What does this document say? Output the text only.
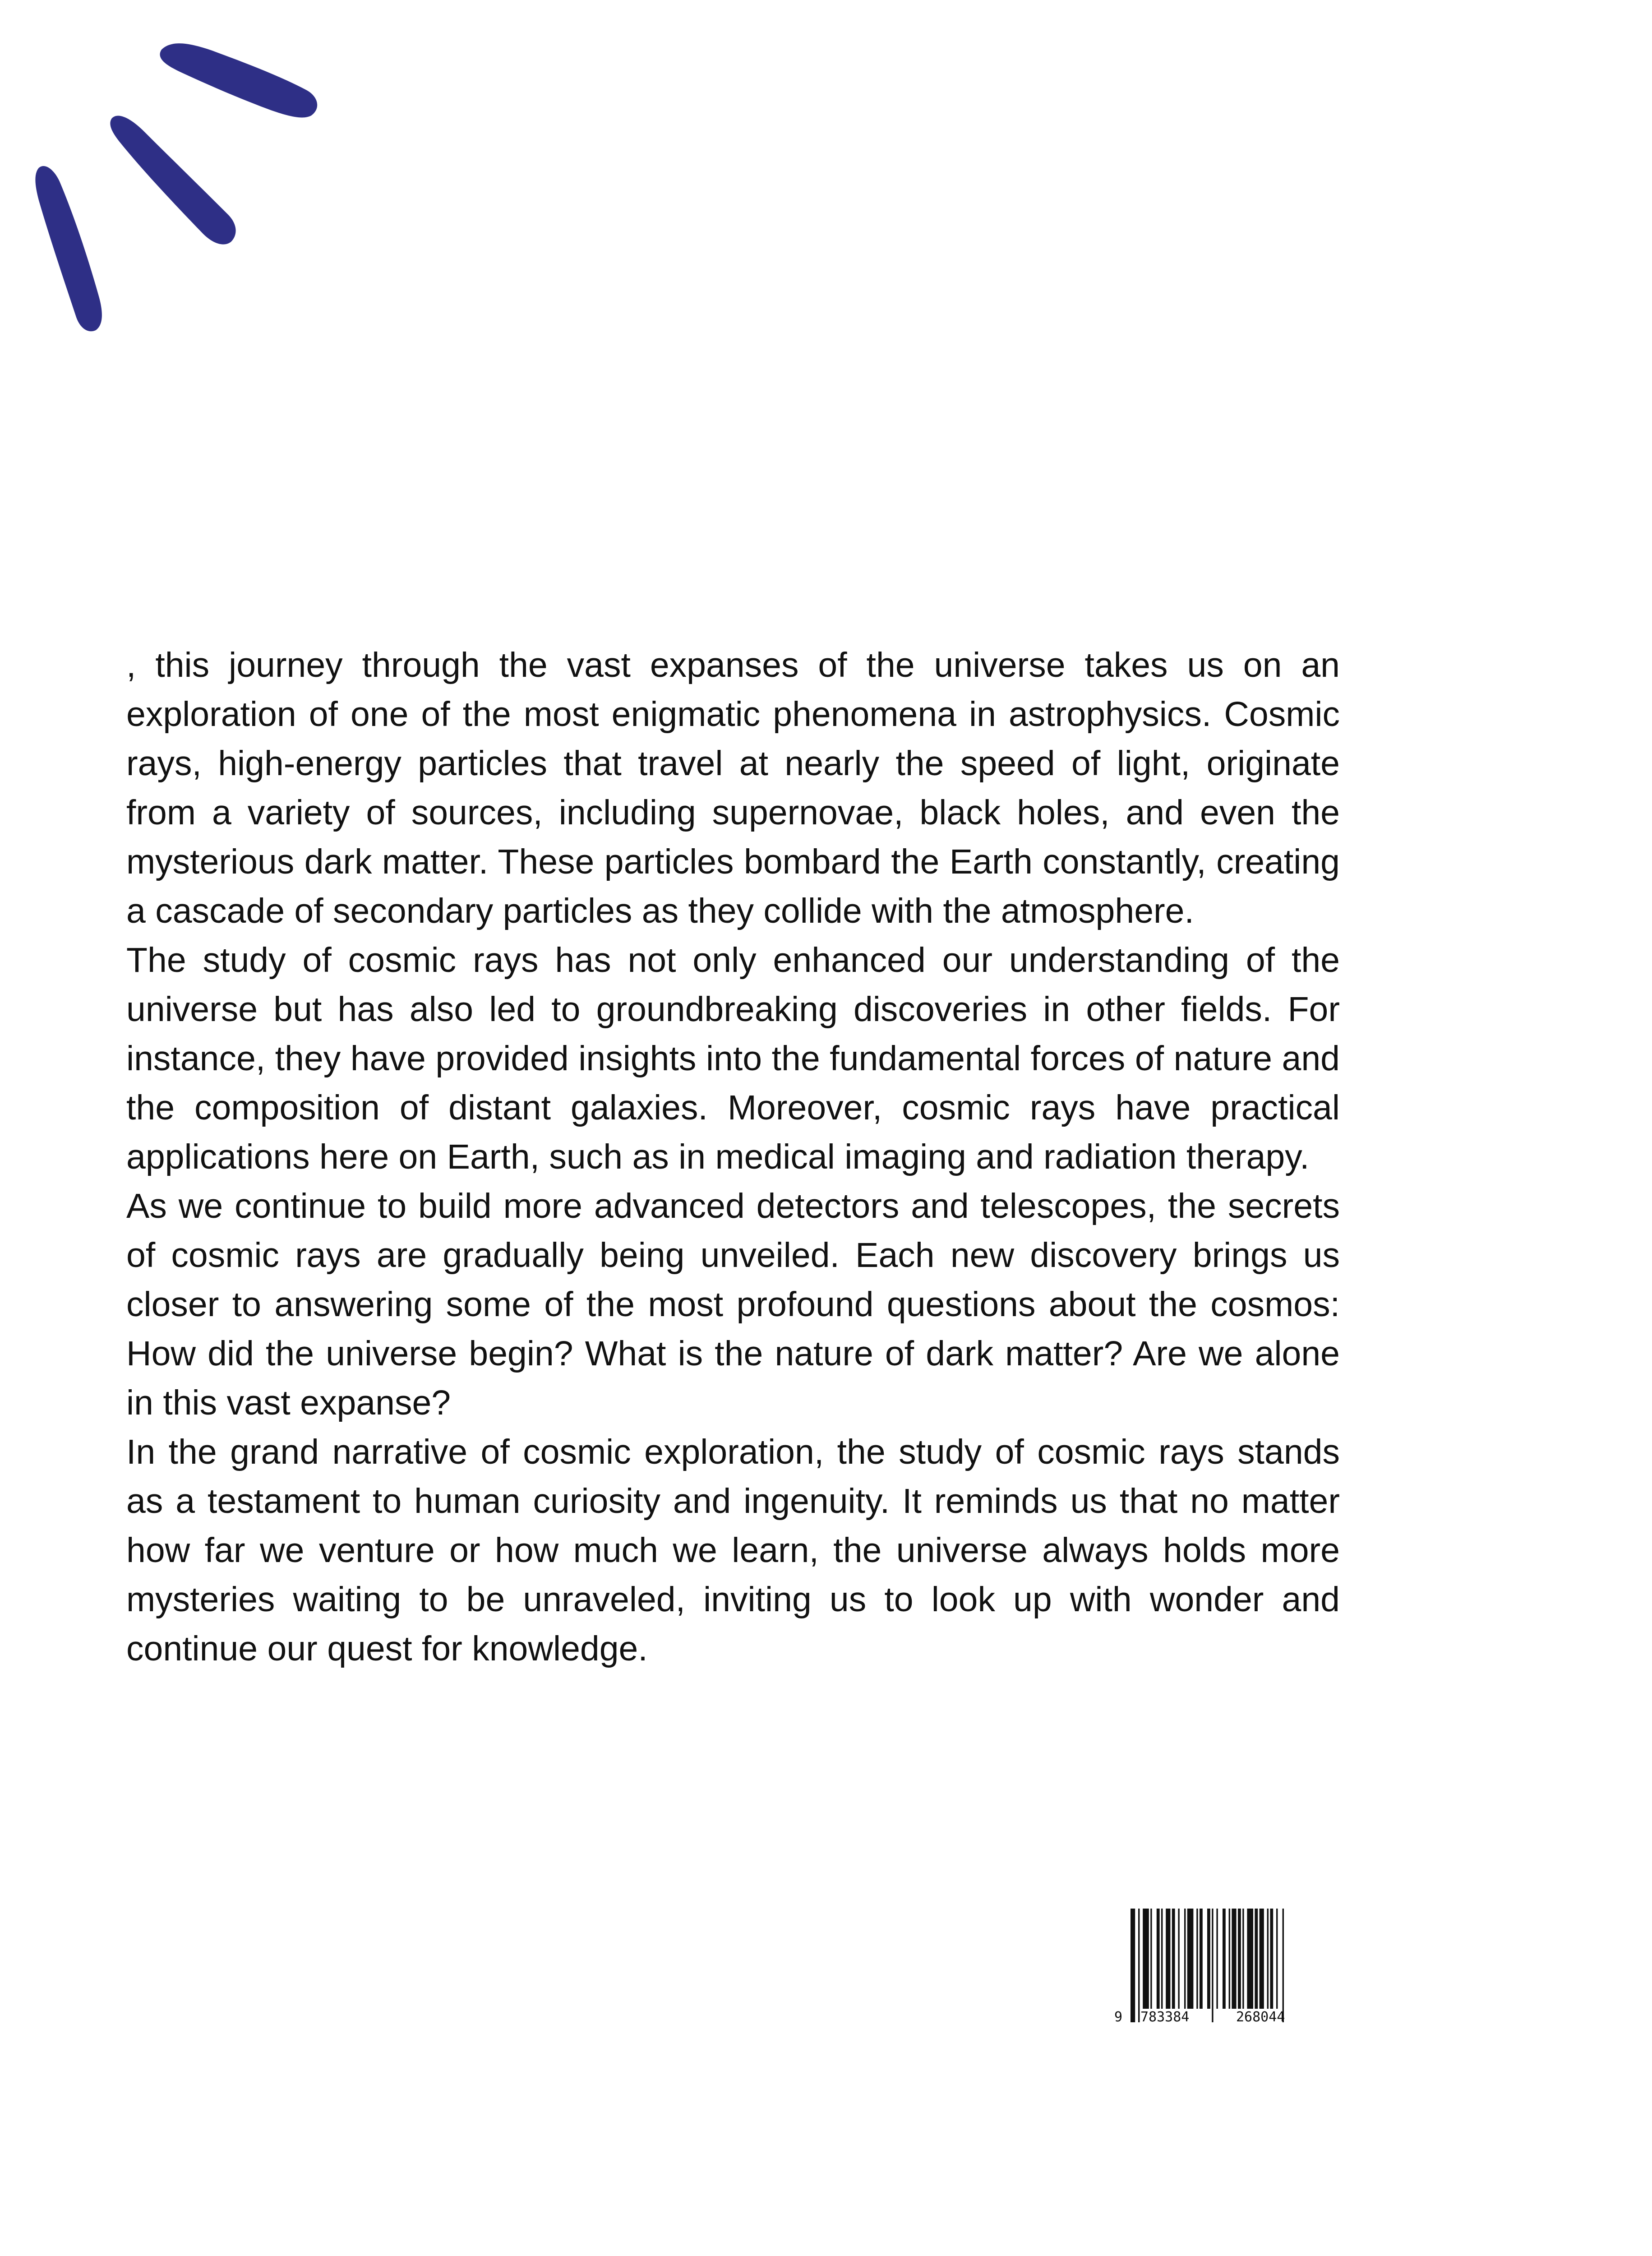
, this journey through the vast expanses of the universe takes us on an exploration of one of the most enigmatic phenomena in astrophysics. Cosmic rays, high-energy particles that travel at nearly the speed of light, originate from a variety of sources, including supernovae, black holes, and even the mysterious dark matter. These particles bombard the Earth constantly, creating a cascade of secondary particles as they collide with the atmosphere.

The study of cosmic rays has not only enhanced our understanding of the universe but has also led to groundbreaking discoveries in other fields. For instance, they have provided insights into the fundamental forces of nature and the composition of distant galaxies. Moreover, cosmic rays have practical applications here on Earth, such as in medical imaging and radiation therapy.

As we continue to build more advanced detectors and telescopes, the secrets of cosmic rays are gradually being unveiled. Each new discovery brings us closer to answering some of the most profound questions about the cosmos: How did the universe begin? What is the nature of dark matter? Are we alone in this vast expanse?

In the grand narrative of cosmic exploration, the study of cosmic rays stands as a testament to human curiosity and ingenuity. It reminds us that no matter how far we venture or how much we learn, the universe always holds more mysteries waiting to be unraveled, inviting us to look up with wonder and continue our quest for knowledge.

9 783384	268044
